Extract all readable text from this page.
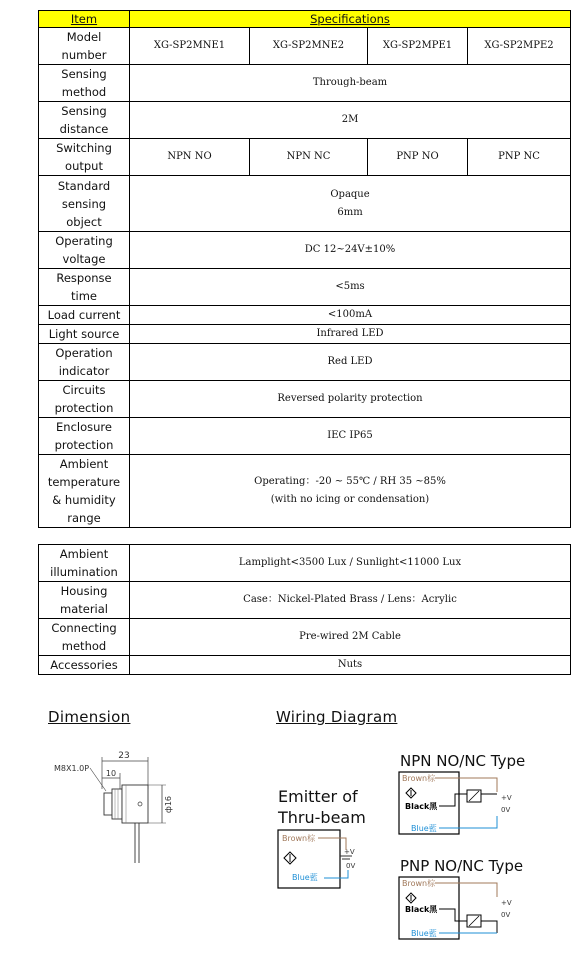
Item	Specifications			
Model
number	XG-SP2MNE1	XG-SP2MNE2	XG-SP2MPE1	XG-SP2MPE2
Sensing
method	Through-beam			
Sensing
distance	2M			
Switching
output	NPN NO	NPN NC	PNP NO	PNP NC
Standard
sensing
object	Opaque
6mm			
Operating
voltage	DC 12~24V±10%			
Response
time	<5ms			
Load current	<100mA			
Light source	Infrared LED			
Operation
indicator	Red LED			
Circuits
protection	Reversed polarity protection			
Enclosure
protection	IEC IP65			
Ambient
temperature
& humidity
range	Operating：-20 ~ 55℃ / RH 35 ~85%
(with no icing or condensation)			
Ambient
illumination	Lamplight<3500 Lux / Sunlight<11000 Lux
Housing
material	Case：Nickel-Plated Brass / Lens：Acrylic
Connecting
method	Pre-wired 2M Cable
Accessories	Nuts
Dimension	Wiring Diagram
23
10
M8X1.0P
ф16	Emitter of
Thru-beam
Brown棕
+V
0V
Blue藍
NPN NO/NC Type
Brown棕
+V
0V
Black黑
Blue藍
PNP NO/NC Type
Brown棕
+V
0V
Black黑
Blue藍
